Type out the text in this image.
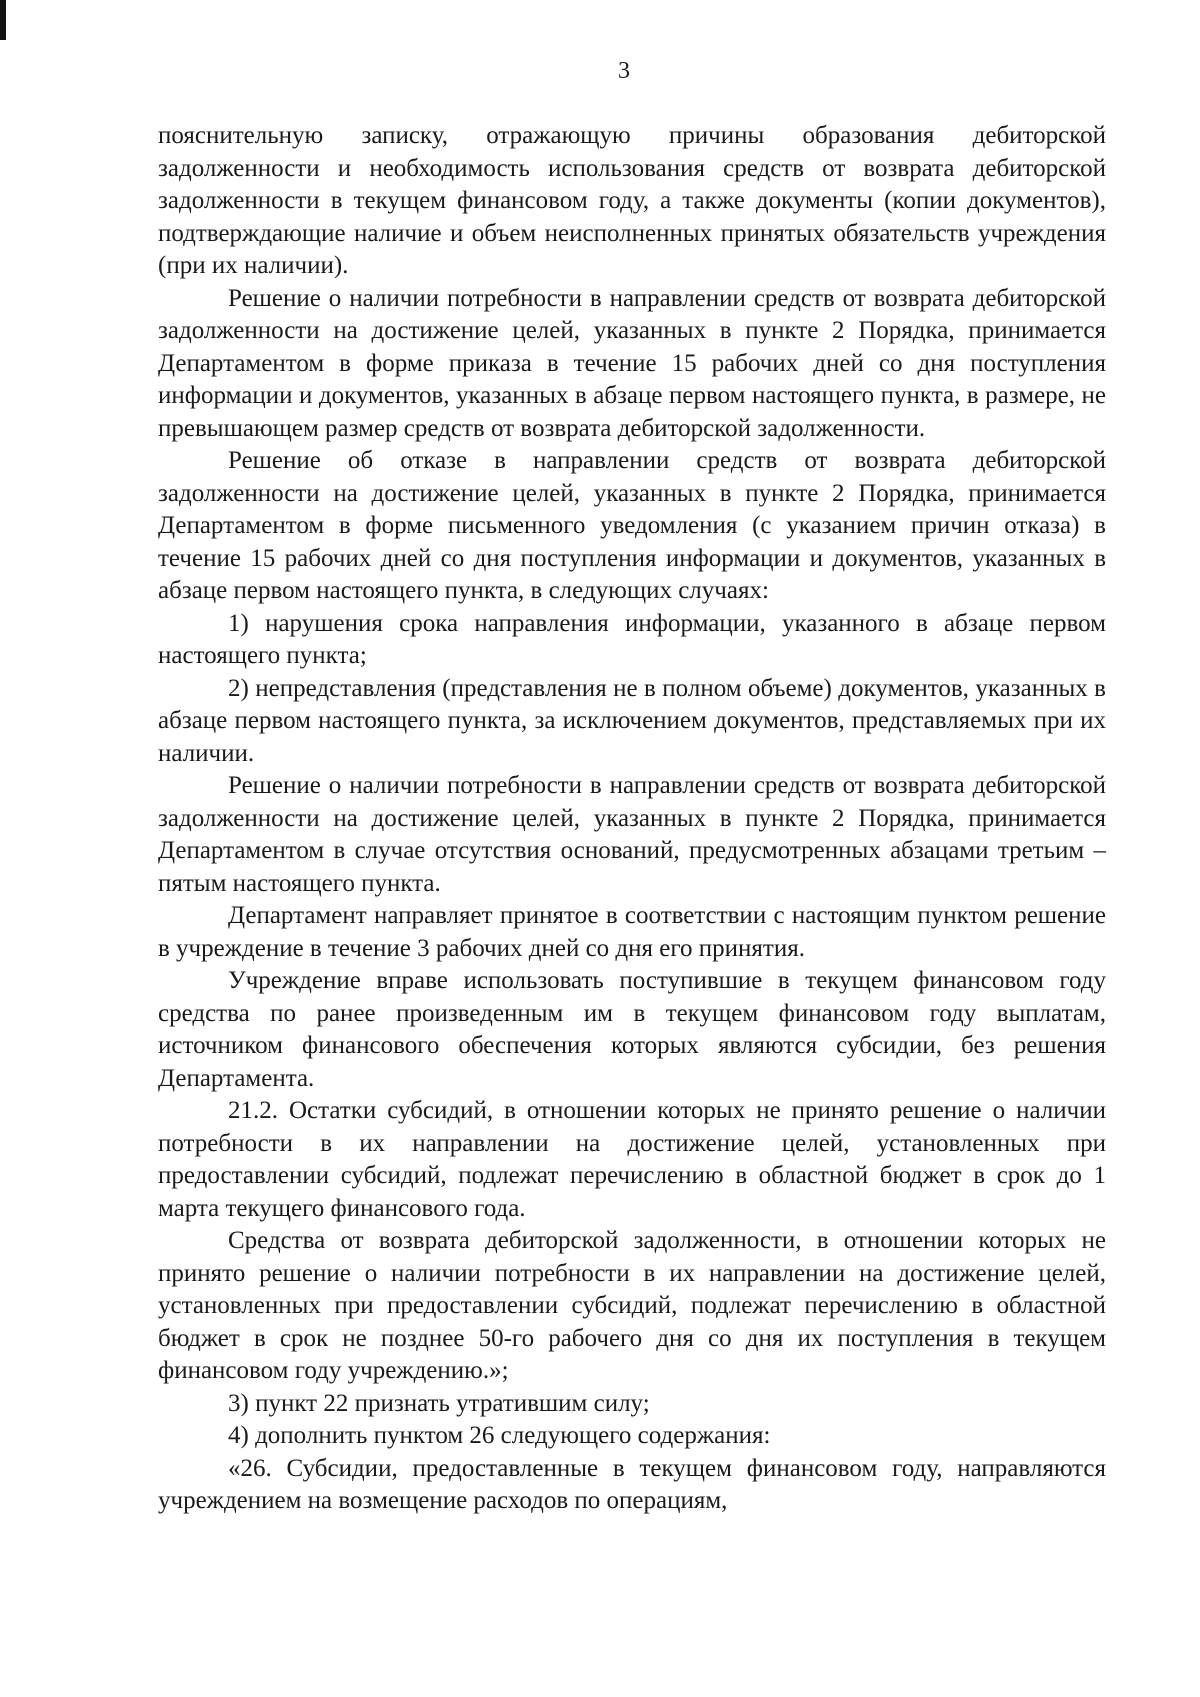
3

пояснительную записку, отражающую причины образования дебиторской задолженности и необходимость использования средств от возврата дебиторской задолженности в текущем финансовом году, а также документы (копии документов), подтверждающие наличие и объем неисполненных принятых обязательств учреждения (при их наличии).

Решение о наличии потребности в направлении средств от возврата дебиторской задолженности на достижение целей, указанных в пункте 2 Порядка, принимается Департаментом в форме приказа в течение 15 рабочих дней со дня поступления информации и документов, указанных в абзаце первом настоящего пункта, в размере, не превышающем размер средств от возврата дебиторской задолженности.

Решение об отказе в направлении средств от возврата дебиторской задолженности на достижение целей, указанных в пункте 2 Порядка, принимается Департаментом в форме письменного уведомления (с указанием причин отказа) в течение 15 рабочих дней со дня поступления информации и документов, указанных в абзаце первом настоящего пункта, в следующих случаях:

1) нарушения срока направления информации, указанного в абзаце первом настоящего пункта;

2) непредставления (представления не в полном объеме) документов, указанных в абзаце первом настоящего пункта, за исключением документов, представляемых при их наличии.

Решение о наличии потребности в направлении средств от возврата дебиторской задолженности на достижение целей, указанных в пункте 2 Порядка, принимается Департаментом в случае отсутствия оснований, предусмотренных абзацами третьим – пятым настоящего пункта.

Департамент направляет принятое в соответствии с настоящим пунктом решение в учреждение в течение 3 рабочих дней со дня его принятия.

Учреждение вправе использовать поступившие в текущем финансовом году средства по ранее произведенным им в текущем финансовом году выплатам, источником финансового обеспечения которых являются субсидии, без решения Департамента.

21.2. Остатки субсидий, в отношении которых не принято решение о наличии потребности в их направлении на достижение целей, установленных при предоставлении субсидий, подлежат перечислению в областной бюджет в срок до 1 марта текущего финансового года.

Средства от возврата дебиторской задолженности, в отношении которых не принято решение о наличии потребности в их направлении на достижение целей, установленных при предоставлении субсидий, подлежат перечислению в областной бюджет в срок не позднее 50-го рабочего дня со дня их поступления в текущем финансовом году учреждению.»;

3) пункт 22 признать утратившим силу;

4) дополнить пунктом 26 следующего содержания:

«26. Субсидии, предоставленные в текущем финансовом году, направляются учреждением на возмещение расходов по операциям,
